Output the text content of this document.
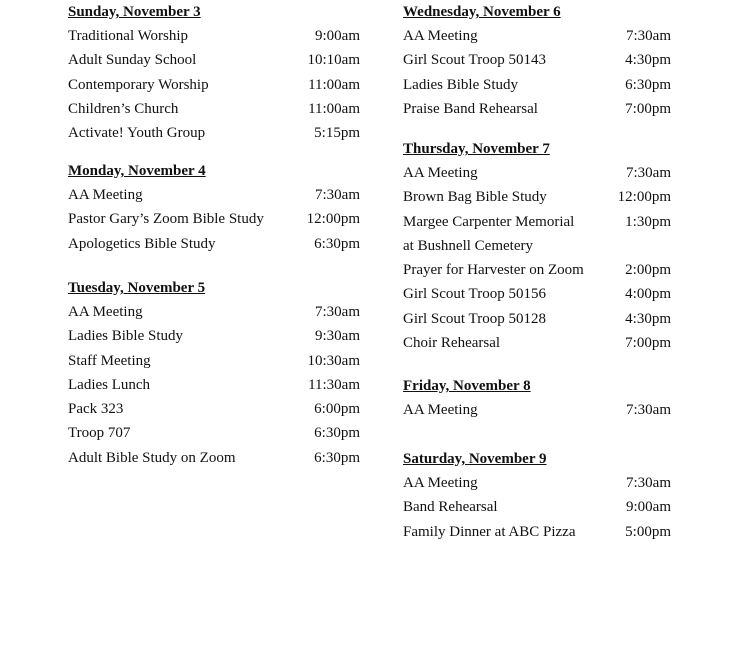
Sunday, November 3
Traditional Worship	9:00am
Adult Sunday School	10:10am
Contemporary Worship	11:00am
Children’s Church	11:00am
Activate! Youth Group	5:15pm
Monday, November 4
AA Meeting	7:30am
Pastor Gary’s Zoom Bible Study	12:00pm
Apologetics Bible Study	6:30pm
Tuesday, November 5
AA Meeting	7:30am
Ladies Bible Study	9:30am
Staff Meeting	10:30am
Ladies Lunch	11:30am
Pack 323	6:00pm
Troop 707	6:30pm
Adult Bible Study on Zoom	6:30pm
Wednesday, November 6
AA Meeting	7:30am
Girl Scout Troop 50143	4:30pm
Ladies Bible Study	6:30pm
Praise Band Rehearsal	7:00pm
Thursday, November 7
AA Meeting	7:30am
Brown Bag Bible Study	12:00pm
Margee Carpenter Memorial	1:30pm
at Bushnell Cemetery
Prayer for Harvester on Zoom	2:00pm
Girl Scout Troop 50156	4:00pm
Girl Scout Troop 50128	4:30pm
Choir Rehearsal	7:00pm
Friday, November 8
AA Meeting	7:30am
Saturday, November 9
AA Meeting	7:30am
Band Rehearsal	9:00am
Family Dinner at ABC Pizza	5:00pm
